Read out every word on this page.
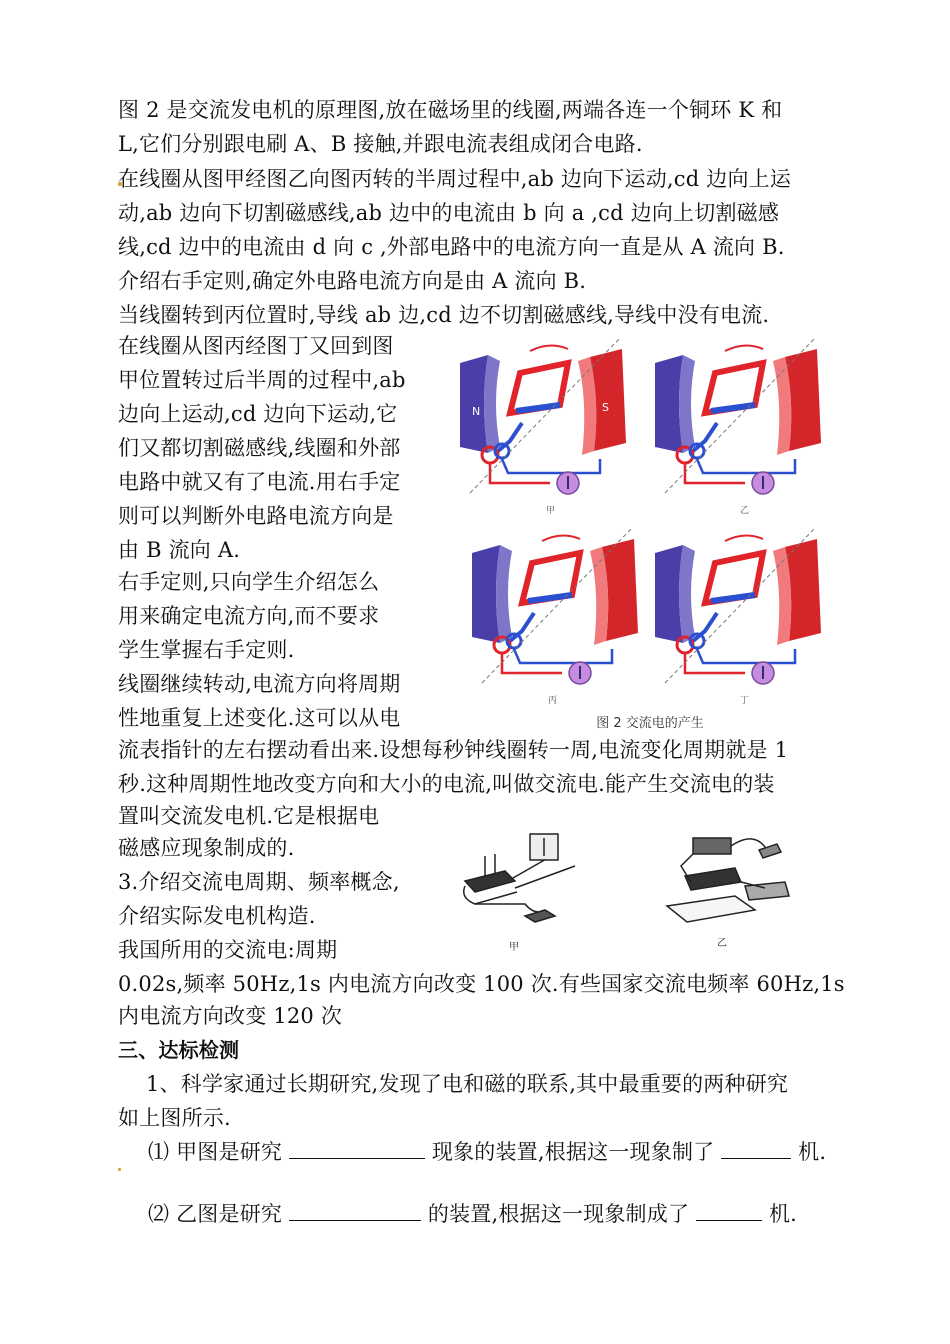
图 2 是交流发电机的原理图,放在磁场里的线圈,两端各连一个铜环 K 和
L,它们分别跟电刷 A、B 接触,并跟电流表组成闭合电路.
在线圈从图甲经图乙向图丙转的半周过程中,ab 边向下运动,cd 边向上运
动,ab 边向下切割磁感线,ab 边中的电流由 b 向 a ,cd 边向上切割磁感
线,cd 边中的电流由 d 向 c ,外部电路中的电流方向一直是从 A 流向 B.
介绍右手定则,确定外电路电流方向是由 A 流向 B.
当线圈转到丙位置时,导线 ab 边,cd 边不切割磁感线,导线中没有电流.
在线圈从图丙经图丁又回到图
甲位置转过后半周的过程中,ab
边向上运动,cd 边向下运动,它
们又都切割磁感线,线圈和外部
电路中就又有了电流.用右手定
则可以判断外电路电流方向是
由 B 流向 A.
右手定则,只向学生介绍怎么
用来确定电流方向,而不要求
学生掌握右手定则.
线圈继续转动,电流方向将周期
性地重复上述变化.这可以从电
甲	乙
丙	丁
N	S
图 2 交流电的产生
流表指针的左右摆动看出来.设想每秒钟线圈转一周,电流变化周期就是 1
秒.这种周期性地改变方向和大小的电流,叫做交流电.能产生交流电的装
置叫交流发电机.它是根据电
磁感应现象制成的.
3.介绍交流电周期、频率概念,
介绍实际发电机构造.
我国所用的交流电:周期	甲	乙
0.02s,频率 50Hz,1s 内电流方向改变 100 次.有些国家交流电频率 60Hz,1s
内电流方向改变 120 次
三、达标检测
1、科学家通过长期研究,发现了电和磁的联系,其中最重要的两种研究
如上图所示.
⑴ 甲图是研究	现象的装置,根据这一现象制了	机.
⑵ 乙图是研究	的装置,根据这一现象制成了	机.
